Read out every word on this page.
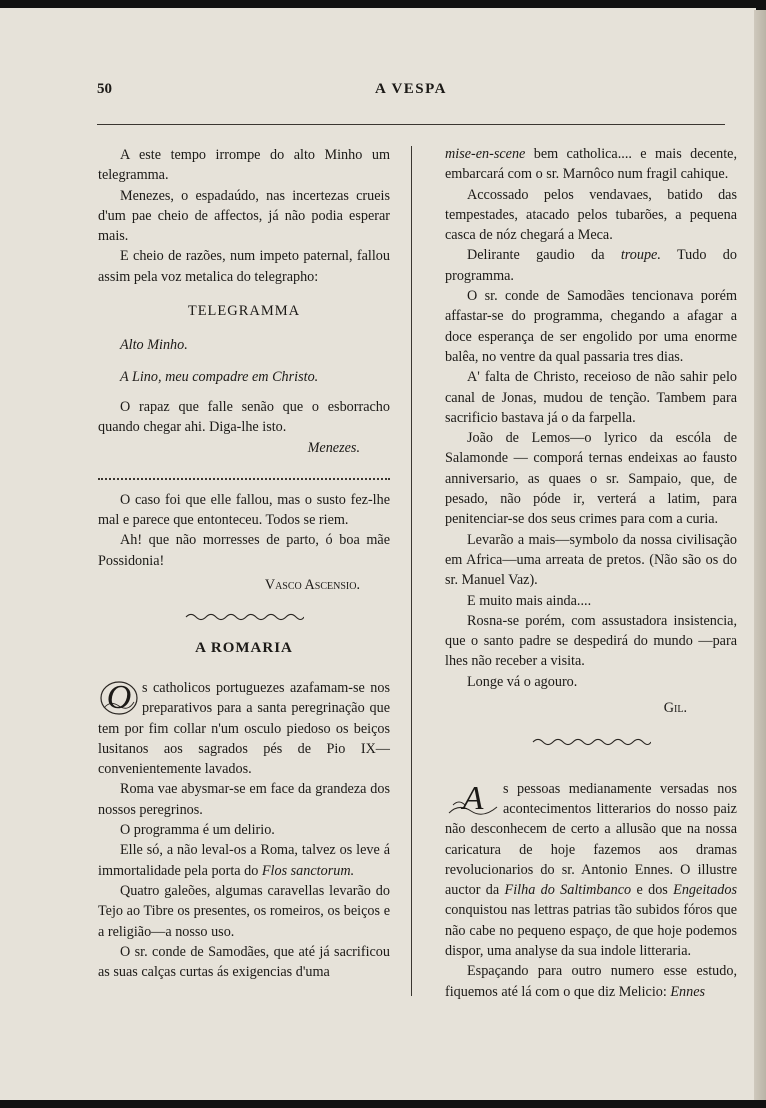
50	A VESPA

A este tempo irrompe do alto Minho um telegramma.

Menezes, o espadaúdo, nas incertezas crueis d'um pae cheio de affectos, já não podia esperar mais.

E cheio de razões, num impeto paternal, fallou assim pela voz metalica do telegrapho:

TELEGRAMMA

Alto Minho.

A Lino, meu compadre em Christo.

O rapaz que falle senão que o esborracho quando chegar ahi. Diga-lhe isto.

Menezes.

O caso foi que elle fallou, mas o susto fez-lhe mal e parece que entonteceu. Todos se riem.

Ah! que não morresses de parto, ó boa mãe Possidonia!

Vasco Ascensio.

A ROMARIA

O s catholicos portuguezes azafamam-se nos preparativos para a santa peregrinação que tem por fim collar n'um osculo piedoso os beiços lusitanos aos sagrados pés de Pio IX—convenientemente lavados.

Roma vae abysmar-se em face da grandeza dos nossos peregrinos.

O programma é um delirio.

Elle só, a não leval-os a Roma, talvez os leve á immortalidade pela porta do Flos sanctorum.

Quatro galeões, algumas caravellas levarão do Tejo ao Tibre os presentes, os romeiros, os beiços e a religião—a nosso uso.

O sr. conde de Samodães, que até já sacrificou as suas calças curtas ás exigencias d'uma

mise-en-scene bem catholica.... e mais decente, embarcará com o sr. Marnôco num fragil cahique.

Accossado pelos vendavaes, batido das tempestades, atacado pelos tubarões, a pequena casca de nóz chegará a Meca.

Delirante gaudio da troupe. Tudo do programma.

O sr. conde de Samodães tencionava porém affastar-se do programma, chegando a afagar a doce esperança de ser engolido por uma enorme balêa, no ventre da qual passaria tres dias.

A' falta de Christo, receioso de não sahir pelo canal de Jonas, mudou de tenção. Tambem para sacrificio bastava já o da farpella.

João de Lemos—o lyrico da escóla de Salamonde — comporá ternas endeixas ao fausto anniversario, as quaes o sr. Sampaio, que, de pesado, não póde ir, verterá a latim, para penitenciar-se dos seus crimes para com a curia.

Levarão a mais—symbolo da nossa civilisação em Africa—uma arreata de pretos. (Não são os do sr. Manuel Vaz).

E muito mais ainda....

Rosna-se porém, com assustadora insistencia, que o santo padre se despedirá do mundo —para lhes não receber a visita.

Longe vá o agouro.

Gil.

A	s pessoas medianamente versadas nos acontecimentos litterarios do nosso paiz não desconhecem de certo a allusão que na nossa caricatura de hoje fazemos aos dramas revolucionarios do sr. Antonio Ennes. O illustre auctor da Filha do Saltimbanco e dos Engeitados conquistou nas lettras patrias tão subidos fóros que não cabe no pequeno espaço, de que hoje podemos dispor, uma analyse da sua indole litteraria.

Espaçando para outro numero esse estudo, fiquemos até lá com o que diz Melicio: Ennes
